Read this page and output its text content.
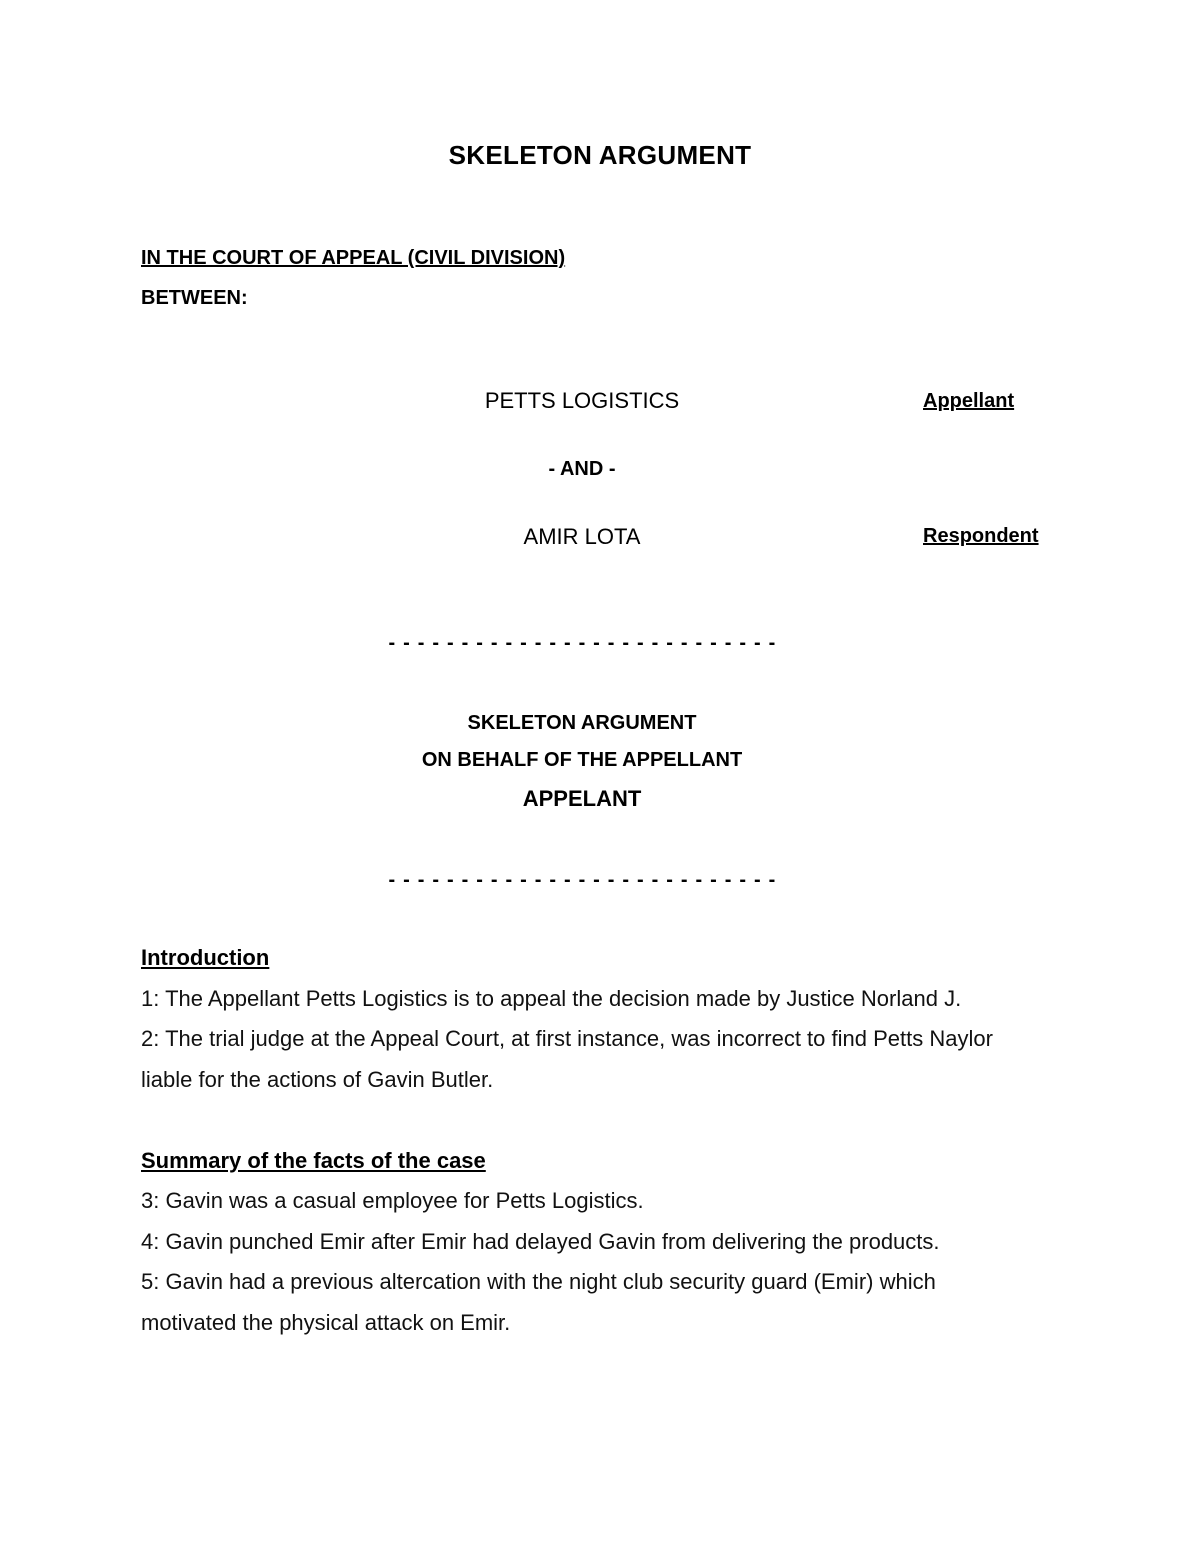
SKELETON ARGUMENT
IN THE COURT OF APPEAL (CIVIL DIVISION)
BETWEEN:
PETTS LOGISTICS	Appellant
- AND -
AMIR LOTA	Respondent
- - - - - - - - - - - - - - - - - - - - - - - - - - -
SKELETON ARGUMENT
ON BEHALF OF THE APPELLANT
APPELANT
- - - - - - - - - - - - - - - - - - - - - - - - - - -
Introduction
1: The Appellant Petts Logistics is to appeal the decision made by Justice Norland J.
2: The trial judge at the Appeal Court, at first instance, was incorrect to find Petts Naylor
liable for the actions of Gavin Butler.
Summary of the facts of the case
3: Gavin was a casual employee for Petts Logistics.
4: Gavin punched Emir after Emir had delayed Gavin from delivering the products.
5: Gavin had a previous altercation with the night club security guard (Emir) which
motivated the physical attack on Emir.
